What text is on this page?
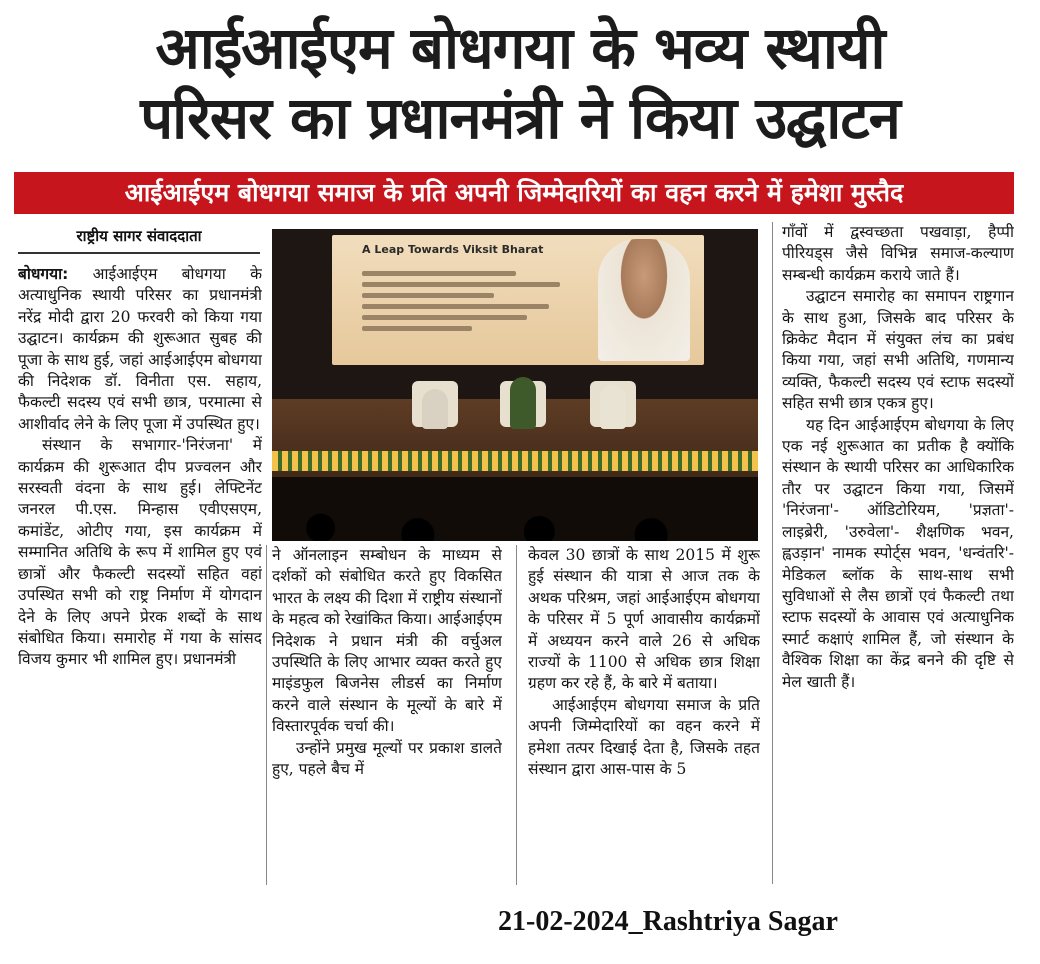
आईआईएम बोधगया के भव्य स्थायी
परिसर का प्रधानमंत्री ने किया उद्घाटन
आईआईएम बोधगया समाज के प्रति अपनी जिम्मेदारियों का वहन करने में हमेशा मुस्तैद
राष्ट्रीय सागर संवाददाता

बोधगया: आईआईएम बोधगया के अत्याधुनिक स्थायी परिसर का प्रधानमंत्री नरेंद्र मोदी द्वारा 20 फरवरी को किया गया उद्घाटन। कार्यक्रम की शुरूआत सुबह की पूजा के साथ हुई, जहां आईआईएम बोधगया की निदेशक डॉ. विनीता एस. सहाय, फैकल्टी सदस्य एवं सभी छात्र, परमात्मा से आशीर्वाद लेने के लिए पूजा में उपस्थित हुए।

संस्थान के सभागार-'निरंजना' में कार्यक्रम की शुरूआत दीप प्रज्वलन और सरस्वती वंदना के साथ हुई। लेफ्टिनेंट जनरल पी.एस. मिन्हास एवीएसएम, कमांडेंट, ओटीए गया, इस कार्यक्रम में सम्मानित अतिथि के रूप में शामिल हुए एवं छात्रों और फैकल्टी सदस्यों सहित वहां उपस्थित सभी को राष्ट्र निर्माण में योगदान देने के लिए अपने प्रेरक शब्दों के साथ संबोधित किया। समारोह में गया के सांसद विजय कुमार भी शामिल हुए। प्रधानमंत्री

A Leap Towards Viksit Bharat

ने ऑनलाइन सम्बोधन के माध्यम से दर्शकों को संबोधित करते हुए विकसित भारत के लक्ष्य की दिशा में राष्ट्रीय संस्थानों के महत्व को रेखांकित किया। आईआईएम निदेशक ने प्रधान मंत्री की वर्चुअल उपस्थिति के लिए आभार व्यक्त करते हुए माइंडफुल बिजनेस लीडर्स का निर्माण करने वाले संस्थान के मूल्यों के बारे में विस्तारपूर्वक चर्चा की।

उन्होंने प्रमुख मूल्यों पर प्रकाश डालते हुए, पहले बैच में

केवल 30 छात्रों के साथ 2015 में शुरू हुई संस्थान की यात्रा से आज तक के अथक परिश्रम, जहां आईआईएम बोधगया के परिसर में 5 पूर्ण आवासीय कार्यक्रमों में अध्ययन करने वाले 26 से अधिक राज्यों के 1100 से अधिक छात्र शिक्षा ग्रहण कर रहे हैं, के बारे में बताया।

आईआईएम बोधगया समाज के प्रति अपनी जिम्मेदारियों का वहन करने में हमेशा तत्पर दिखाई देता है, जिसके तहत संस्थान द्वारा आस-पास के 5

गाँवों में द्वस्वच्छता पखवाड़ा, हैप्पी पीरियड्स जैसे विभिन्न समाज-कल्याण सम्बन्धी कार्यक्रम कराये जाते हैं।

उद्घाटन समारोह का समापन राष्ट्रगान के साथ हुआ, जिसके बाद परिसर के क्रिकेट मैदान में संयुक्त लंच का प्रबंध किया गया, जहां सभी अतिथि, गणमान्य व्यक्ति, फैकल्टी सदस्य एवं स्टाफ सदस्यों सहित सभी छात्र एकत्र हुए।

यह दिन आईआईएम बोधगया के लिए एक नई शुरूआत का प्रतीक है क्योंकि संस्थान के स्थायी परिसर का आधिकारिक तौर पर उद्घाटन किया गया, जिसमें 'निरंजना'- ऑडिटोरियम, 'प्रज्ञता'- लाइब्रेरी, 'उरुवेला'- शैक्षणिक भवन, ह्वउड़ान' नामक स्पोर्ट्स भवन, 'धन्वंतरि'- मेडिकल ब्लॉक के साथ-साथ सभी सुविधाओं से लैस छात्रों एवं फैकल्टी तथा स्टाफ सदस्यों के आवास एवं अत्याधुनिक स्मार्ट कक्षाएं शामिल हैं, जो संस्थान के वैश्विक शिक्षा का केंद्र बनने की दृष्टि से मेल खाती हैं।

21-02-2024_Rashtriya Sagar
